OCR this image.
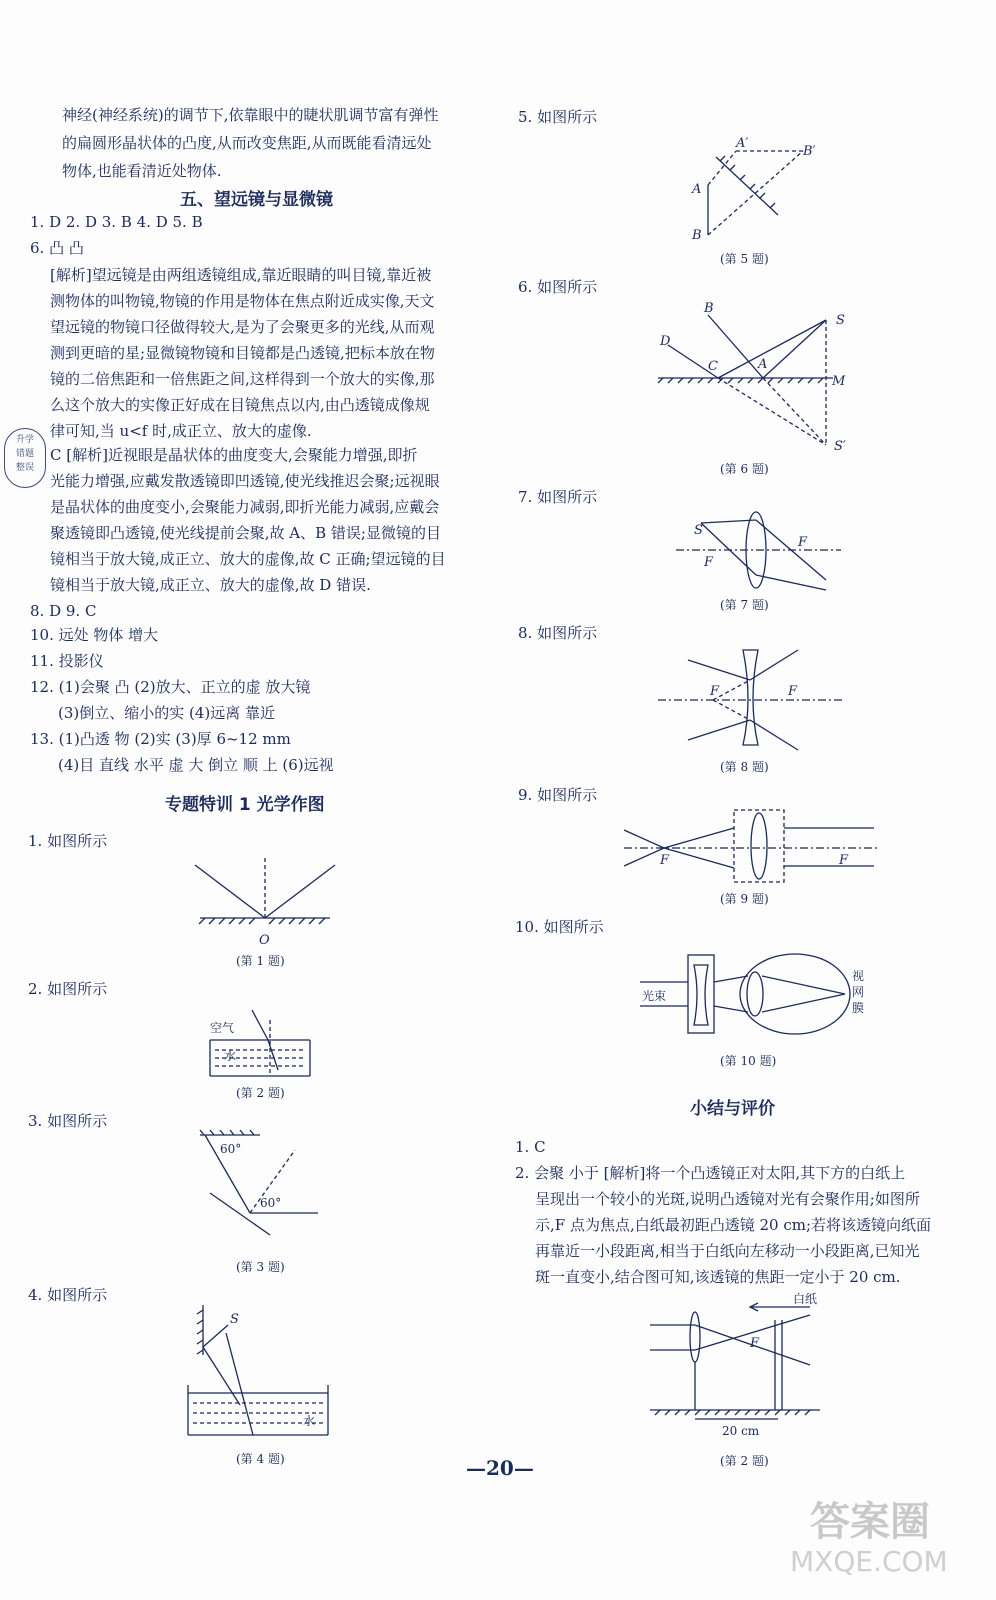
神经(神经系统)的调节下,依靠眼中的睫状肌调节富有弹性
的扁圆形晶状体的凸度,从而改变焦距,从而既能看清远处
物体,也能看清近处物体.
五、望远镜与显微镜
1. D 2. D 3. B 4. D 5. B
6. 凸 凸
[解析]望远镜是由两组透镜组成,靠近眼睛的叫目镜,靠近被
测物体的叫物镜,物镜的作用是物体在焦点附近成实像,天文
望远镜的物镜口径做得较大,是为了会聚更多的光线,从而观
测到更暗的星;显微镜物镜和目镜都是凸透镜,把标本放在物
镜的二倍焦距和一倍焦距之间,这样得到一个放大的实像,那
么这个放大的实像正好成在目镜焦点以内,由凸透镜成像规
律可知,当 u<f 时,成正立、放大的虚像.
升学
错题
整误
C [解析]近视眼是晶状体的曲度变大,会聚能力增强,即折
光能力增强,应戴发散透镜即凹透镜,使光线推迟会聚;远视眼
是晶状体的曲度变小,会聚能力减弱,即折光能力减弱,应戴会
聚透镜即凸透镜,使光线提前会聚,故 A、B 错误;显微镜的目
镜相当于放大镜,成正立、放大的虚像,故 C 正确;望远镜的目
镜相当于放大镜,成正立、放大的虚像,故 D 错误.
8. D 9. C
10. 远处 物体 增大
11. 投影仪
12. (1)会聚 凸 (2)放大、正立的虚 放大镜
(3)倒立、缩小的实 (4)远离 靠近
13. (1)凸透 物 (2)实 (3)厚 6~12 mm
(4)目 直线 水平 虚 大 倒立 顺 上 (6)远视
专题特训 1 光学作图
1. 如图所示
O
(第 1 题)
2. 如图所示
空气
水
(第 2 题)
3. 如图所示
60°
60°
(第 3 题)
4. 如图所示
S
水
(第 4 题)
5. 如图所示
A′
B′
A
B
(第 5 题)
6. 如图所示
B
S
D
C	A
M
S′
(第 6 题)
7. 如图所示
S
F
F
(第 7 题)
8. 如图所示
F	F
(第 8 题)
9. 如图所示
F	F
(第 9 题)
10. 如图所示
光束
视
网
膜
(第 10 题)
小结与评价
1. C
2. 会聚 小于 [解析]将一个凸透镜正对太阳,其下方的白纸上
呈现出一个较小的光斑,说明凸透镜对光有会聚作用;如图所
示,F 点为焦点,白纸最初距凸透镜 20 cm;若将该透镜向纸面
再靠近一小段距离,相当于白纸向左移动一小段距离,已知光
斑一直变小,结合图可知,该透镜的焦距一定小于 20 cm.
白纸
F
20 cm
(第 2 题)
—20—
答案圈
MXQE.COM
